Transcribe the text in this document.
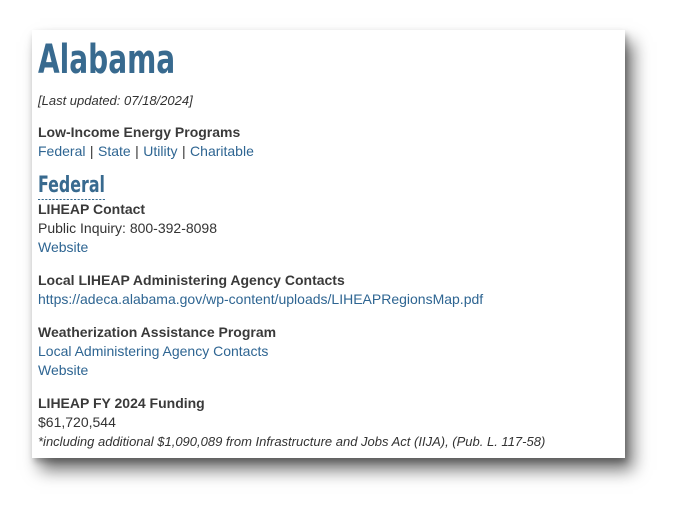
Alabama
[Last updated: 07/18/2024]
Low-Income Energy Programs
Federal | State | Utility | Charitable
Federal
LIHEAP Contact
Public Inquiry: 800-392-8098
Website
Local LIHEAP Administering Agency Contacts
https://adeca.alabama.gov/wp-content/uploads/LIHEAPRegionsMap.pdf
Weatherization Assistance Program
Local Administering Agency Contacts
Website
LIHEAP FY 2024 Funding
$61,720,544
*including additional $1,090,089 from Infrastructure and Jobs Act (IIJA), (Pub. L. 117-58)
